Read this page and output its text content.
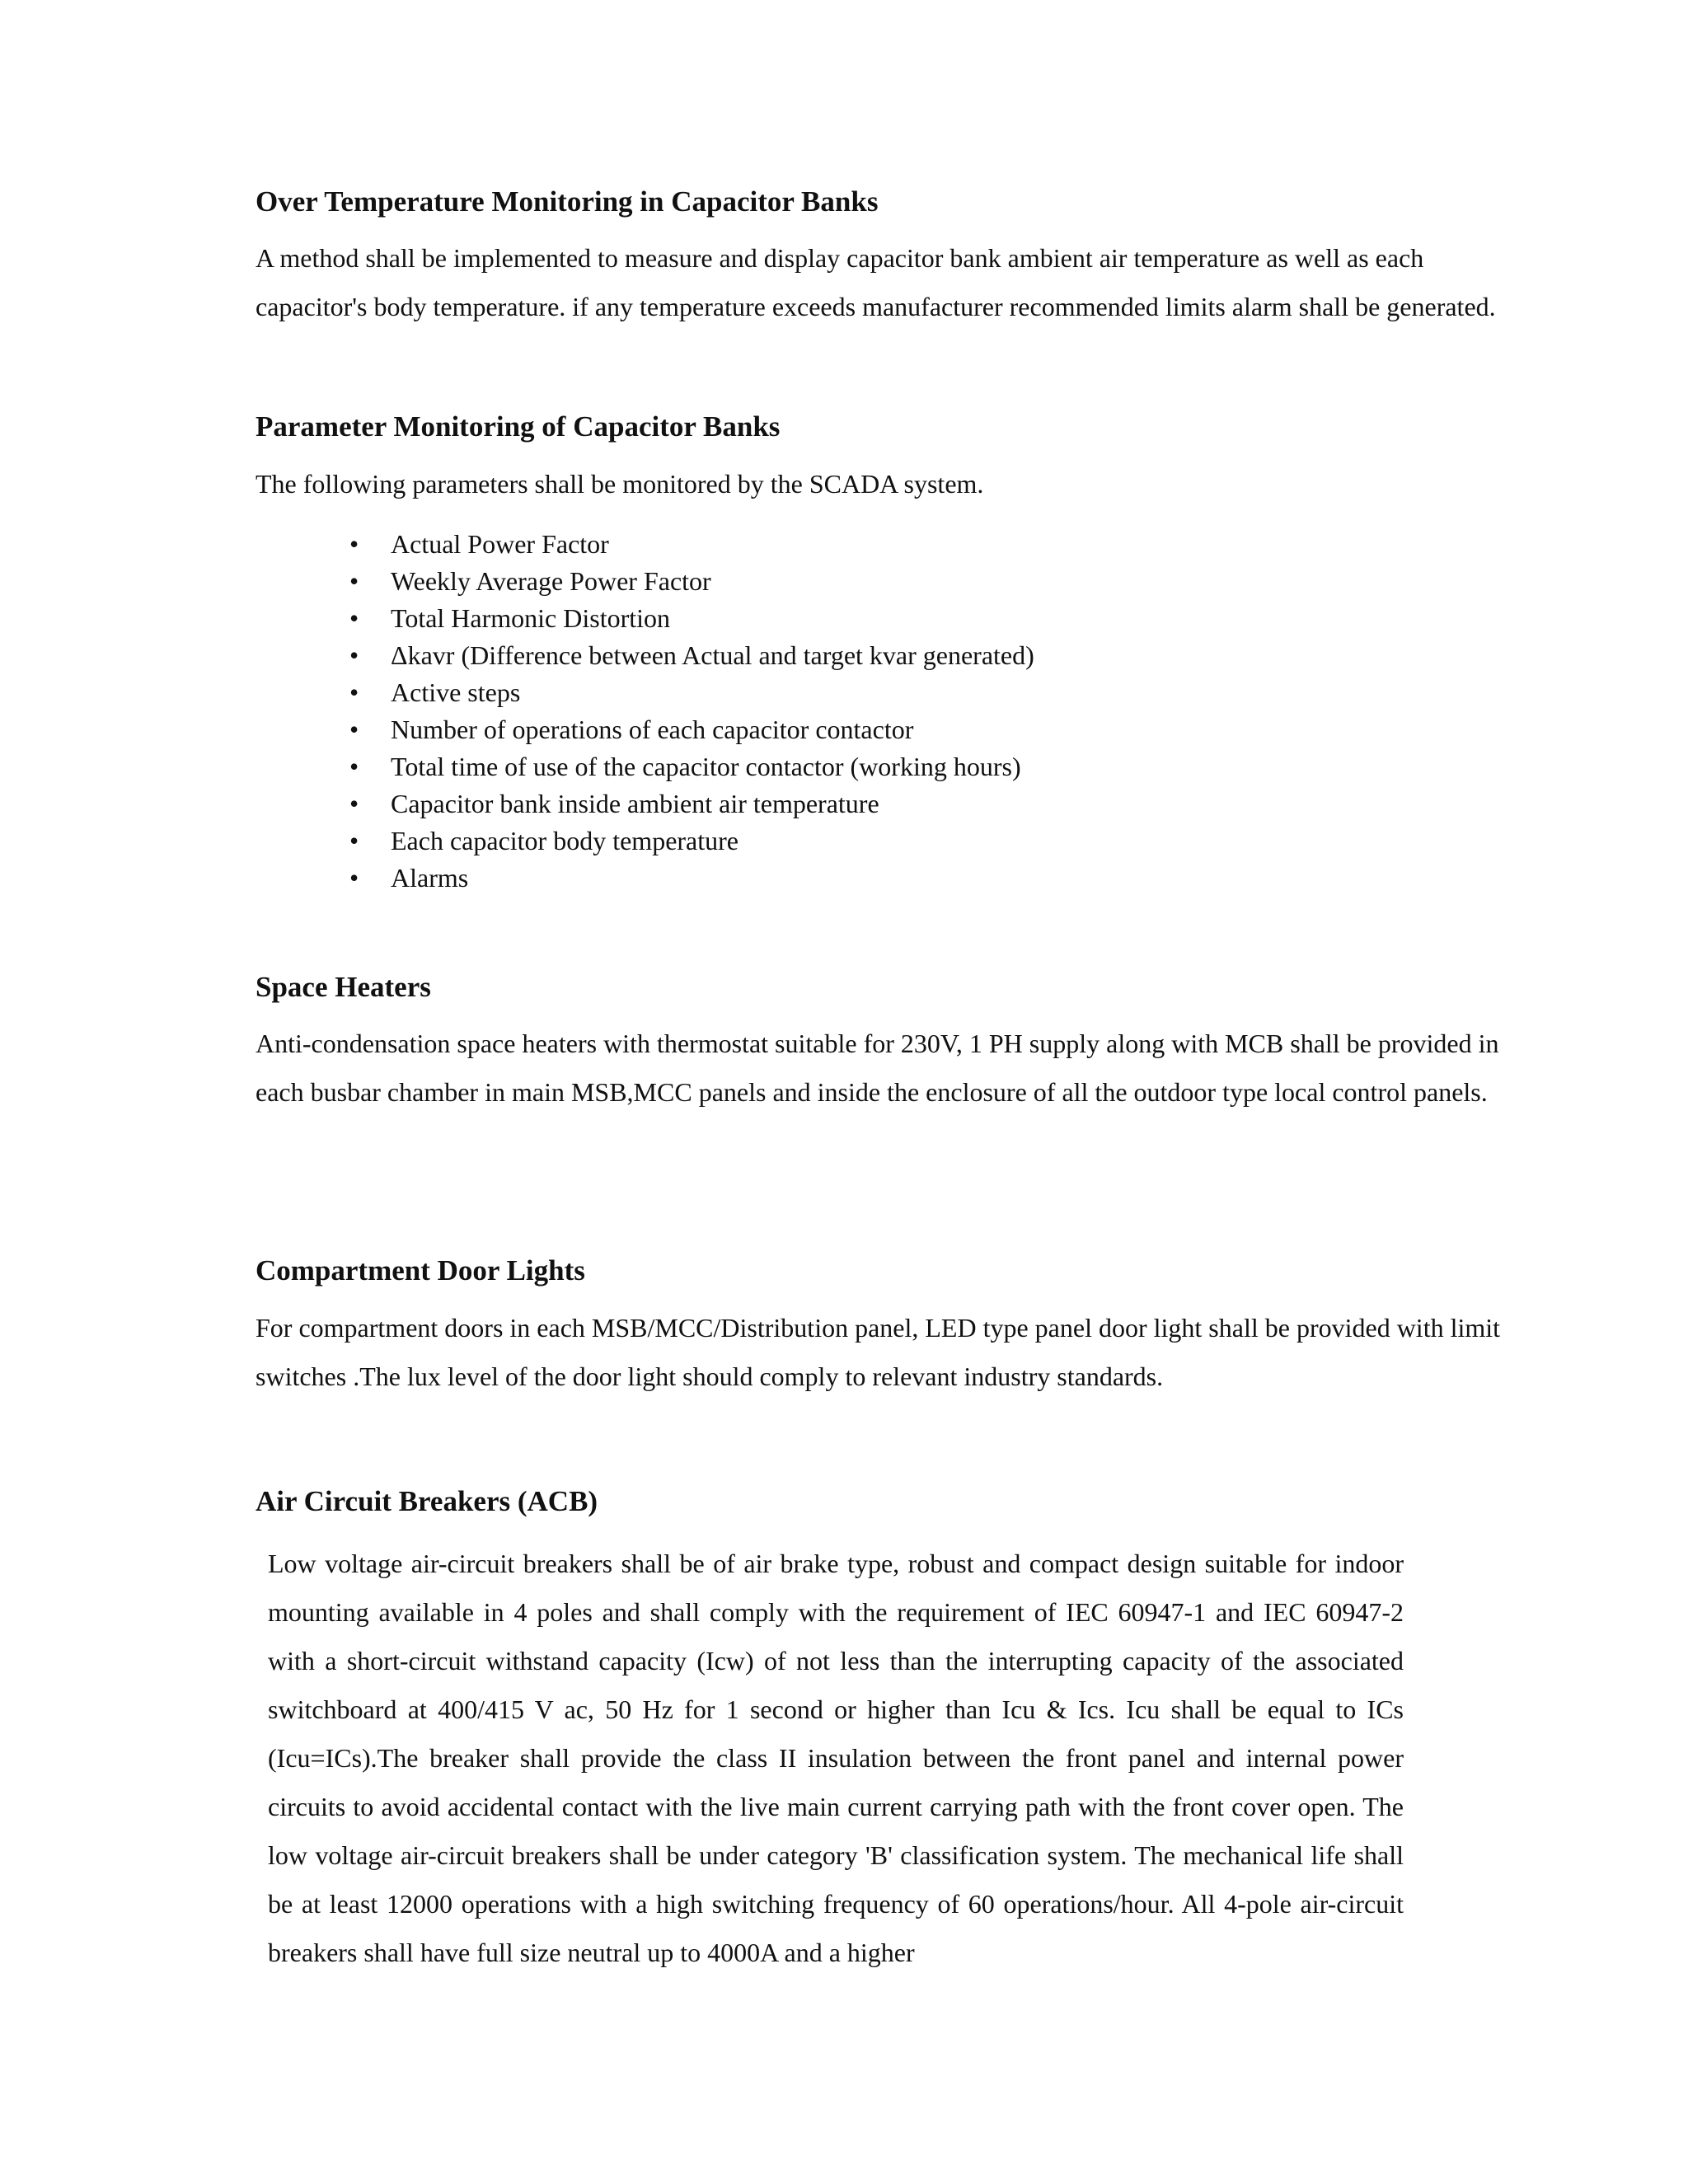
Over Temperature Monitoring in Capacitor Banks

A method shall be implemented to measure and display capacitor bank ambient air temperature as well as each capacitor's body temperature. if any temperature exceeds manufacturer recommended limits alarm shall be generated.

Parameter Monitoring of Capacitor Banks

The following parameters shall be monitored by the SCADA system.

• Actual Power Factor
• Weekly Average Power Factor
• Total Harmonic Distortion
• Δkavr (Difference between Actual and target kvar generated)
• Active steps
• Number of operations of each capacitor contactor
• Total time of use of the capacitor contactor (working hours)
• Capacitor bank inside ambient air temperature
• Each capacitor body temperature
• Alarms
Space Heaters

Anti-condensation space heaters with thermostat suitable for 230V, 1 PH supply along with MCB shall be provided in each busbar chamber in main MSB,MCC panels and inside the enclosure of all the outdoor type local control panels.

Compartment Door Lights

For compartment doors in each MSB/MCC/Distribution panel, LED type panel door light shall be provided with limit switches .The lux level of the door light should comply to relevant industry standards.

Air Circuit Breakers (ACB)

Low voltage air-circuit breakers shall be of air brake type, robust and compact design suitable for indoor mounting available in 4 poles and shall comply with the requirement of IEC 60947-1 and IEC 60947-2 with a short-circuit withstand capacity (Icw) of not less than the interrupting capacity of the associated switchboard at 400/415 V ac, 50 Hz for 1 second or higher than Icu & Ics. Icu shall be equal to ICs (Icu=ICs).The breaker shall provide the class II insulation between the front panel and internal power circuits to avoid accidental contact with the live main current carrying path with the front cover open. The low voltage air-circuit breakers shall be under category 'B' classification system. The mechanical life shall be at least 12000 operations with a high switching frequency of 60 operations/hour. All 4-pole air-circuit breakers shall have full size neutral up to 4000A and a higher
